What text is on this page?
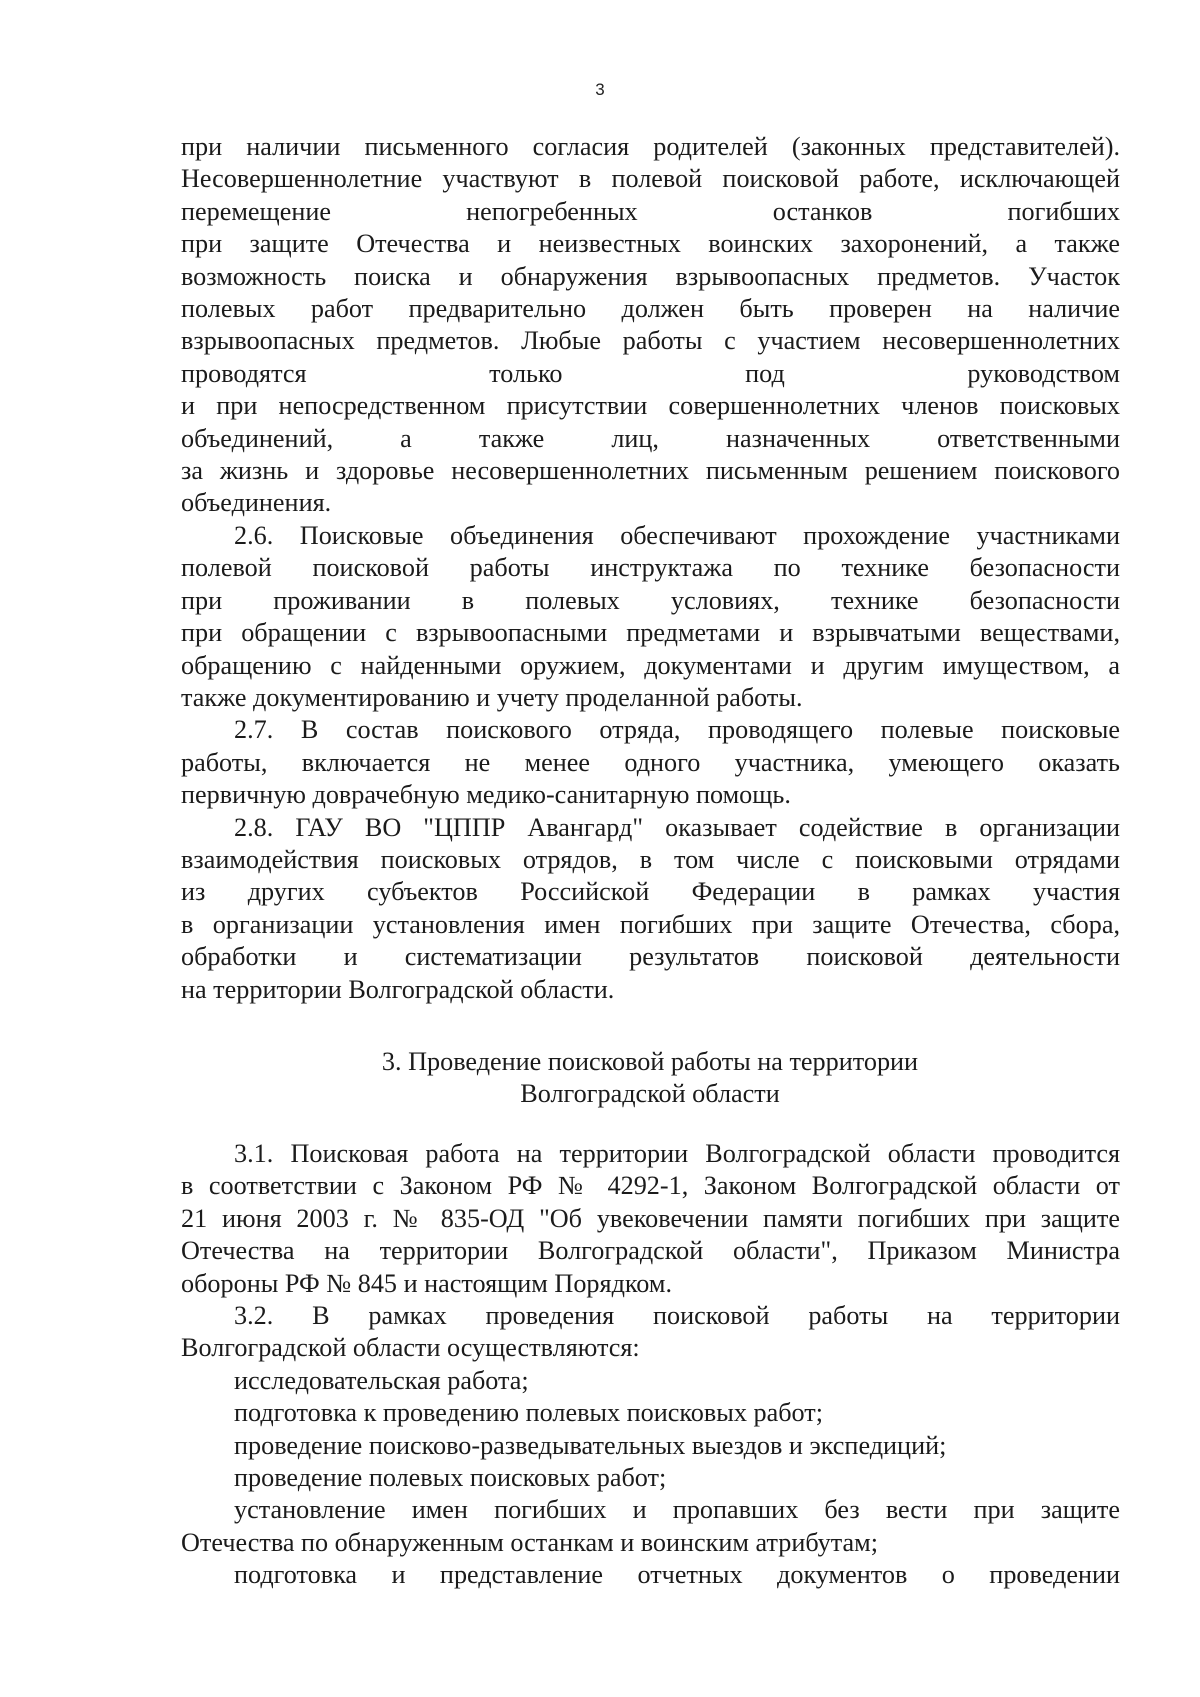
3
при наличии письменного согласия родителей (законных представителей).
Несовершеннолетние участвуют в полевой поисковой работе, исключающей
перемещение непогребенных останков погибших
при защите Отечества и неизвестных воинских захоронений, а также
возможность поиска и обнаружения взрывоопасных предметов. Участок
полевых работ предварительно должен быть проверен на наличие
взрывоопасных предметов. Любые работы с участием несовершеннолетних
проводятся только под руководством
и при непосредственном присутствии совершеннолетних членов поисковых
объединений, а также лиц, назначенных ответственными
за жизнь и здоровье несовершеннолетних письменным решением поискового
объединения.
2.6. Поисковые объединения обеспечивают прохождение участниками
полевой поисковой работы инструктажа по технике безопасности
при проживании в полевых условиях, технике безопасности
при обращении с взрывоопасными предметами и взрывчатыми веществами,
обращению с найденными оружием, документами и другим имуществом, а
также документированию и учету проделанной работы.
2.7. В состав поискового отряда, проводящего полевые поисковые
работы, включается не менее одного участника, умеющего оказать
первичную доврачебную медико-санитарную помощь.
2.8. ГАУ ВО "ЦППР Авангард" оказывает содействие в организации
взаимодействия поисковых отрядов, в том числе с поисковыми отрядами
из других субъектов Российской Федерации в рамках участия
в организации установления имен погибших при защите Отечества, сбора,
обработки и систематизации результатов поисковой деятельности
на территории Волгоградской области.
3. Проведение поисковой работы на территории
Волгоградской области
3.1. Поисковая работа на территории Волгоградской области проводится
в соответствии с Законом РФ № 4292-1, Законом Волгоградской области от
21 июня 2003 г. № 835-ОД "Об увековечении памяти погибших при защите
Отечества на территории Волгоградской области", Приказом Министра
обороны РФ № 845 и настоящим Порядком.
3.2. В рамках проведения поисковой работы на территории
Волгоградской области осуществляются:
исследовательская работа;
подготовка к проведению полевых поисковых работ;
проведение поисково-разведывательных выездов и экспедиций;
проведение полевых поисковых работ;
установление имен погибших и пропавших без вести при защите
Отечества по обнаруженным останкам и воинским атрибутам;
подготовка и представление отчетных документов о проведении
